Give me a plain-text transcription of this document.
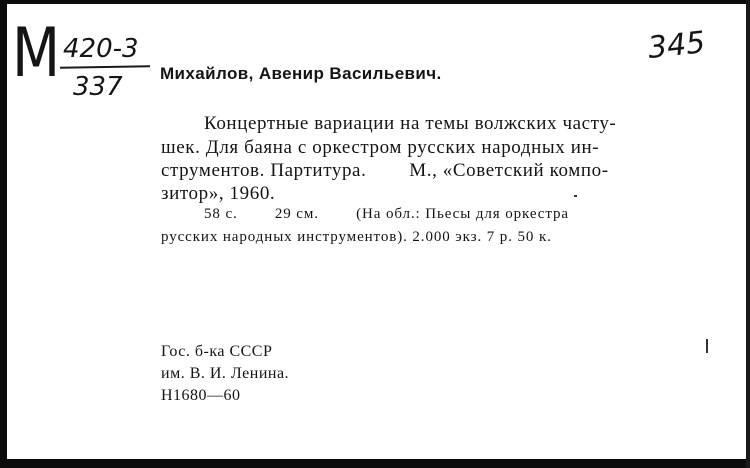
M 420-3
337
345
Михайлов, Авенир Васильевич.
Концертные вариации на темы волжских часту-
шек. Для баяна с оркестром русских народных ин-
струментов. Партитура.        М., «Советский компо-
зитор», 1960.
58 с.        29 см.        (На обл.: Пьесы для оркестра
русских народных инструментов). 2.000 экз. 7 р. 50 к.
Гос. б-ка СССР
им. В. И. Ленина.
Н1680—60
